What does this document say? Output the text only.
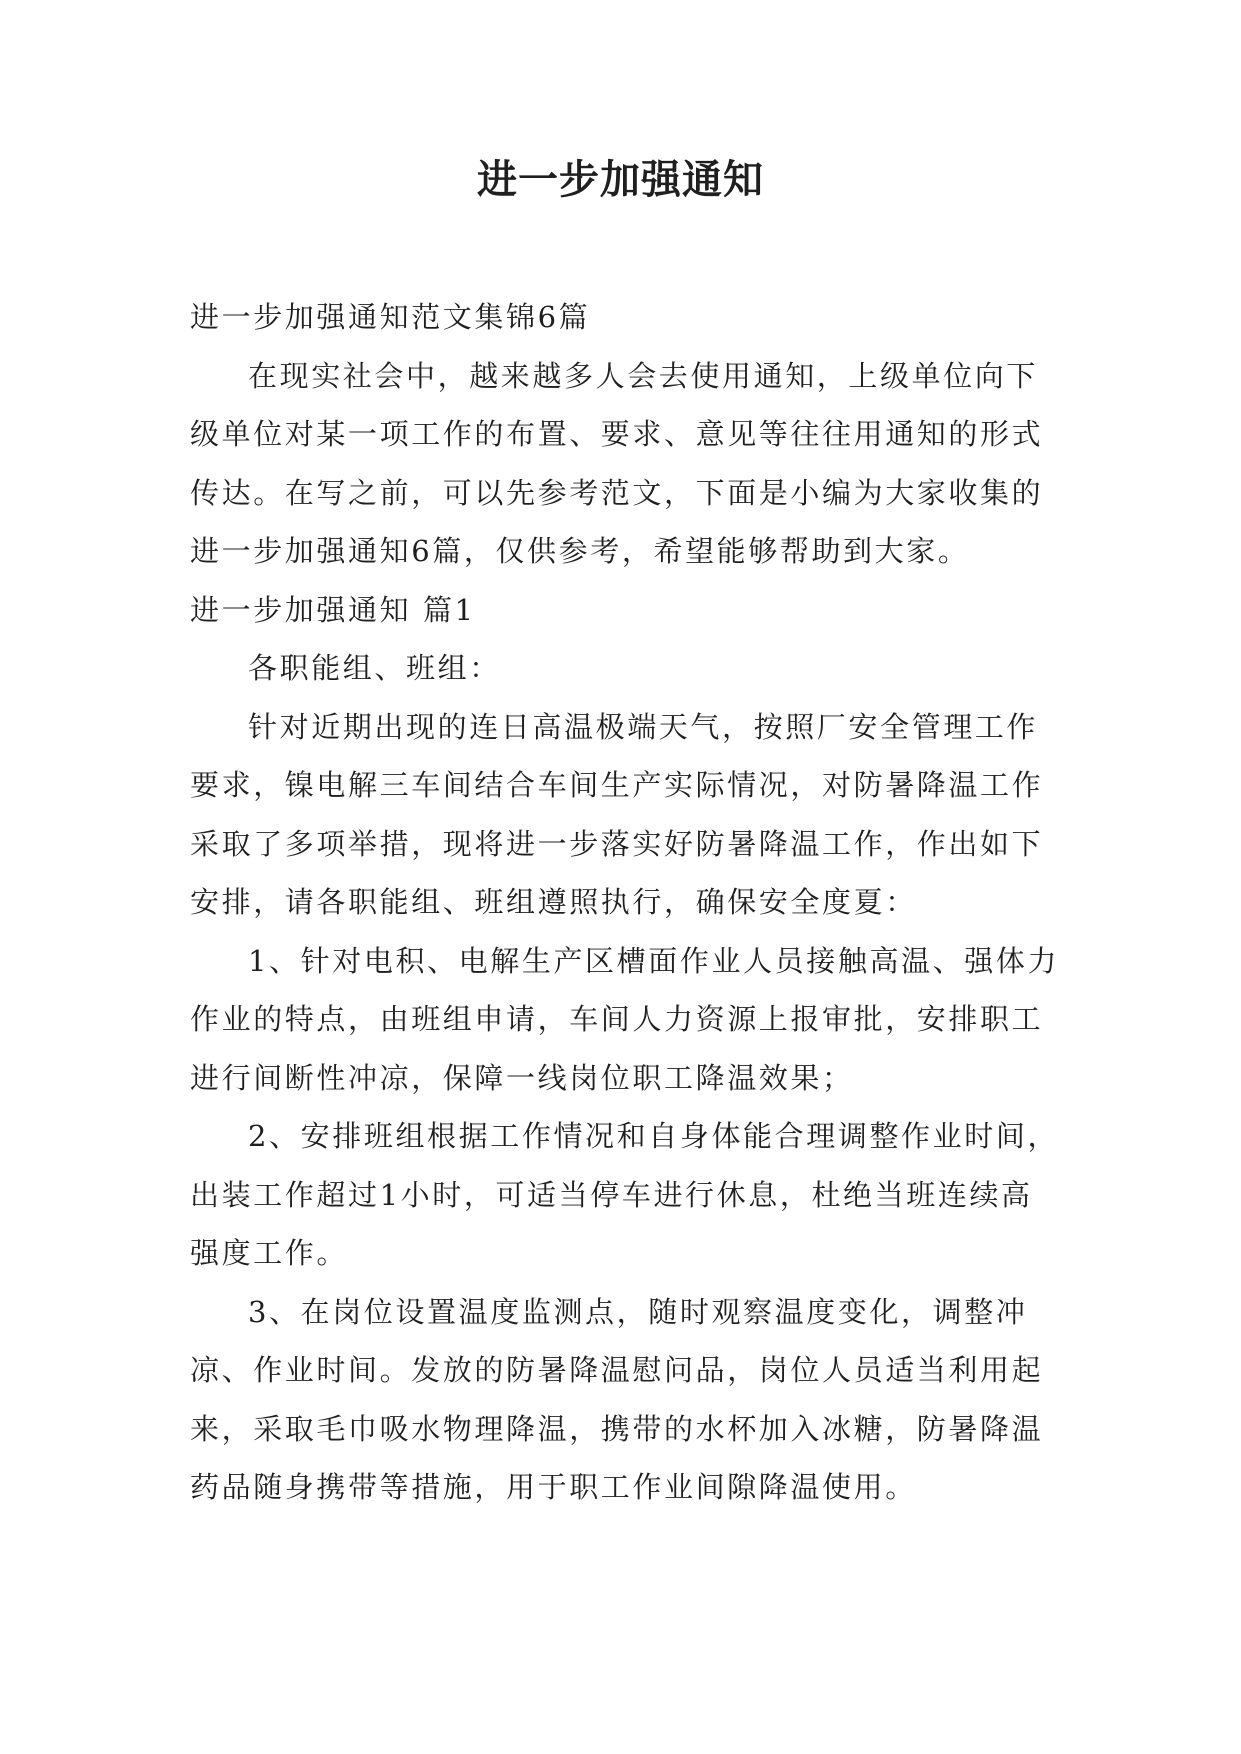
进一步加强通知

进一步加强通知范文集锦6篇

在现实社会中，越来越多人会去使用通知，上级单位向下级单位对某一项工作的布置、要求、意见等往往用通知的形式传达。在写之前，可以先参考范文，下面是小编为大家收集的进一步加强通知6篇，仅供参考，希望能够帮助到大家。

进一步加强通知 篇1

各职能组、班组：

针对近期出现的连日高温极端天气，按照厂安全管理工作要求，镍电解三车间结合车间生产实际情况，对防暑降温工作采取了多项举措，现将进一步落实好防暑降温工作，作出如下安排，请各职能组、班组遵照执行，确保安全度夏：

1、针对电积、电解生产区槽面作业人员接触高温、强体力作业的特点，由班组申请，车间人力资源上报审批，安排职工进行间断性冲凉，保障一线岗位职工降温效果；

2、安排班组根据工作情况和自身体能合理调整作业时间，出装工作超过1小时，可适当停车进行休息，杜绝当班连续高强度工作。

3、在岗位设置温度监测点，随时观察温度变化，调整冲凉、作业时间。发放的防暑降温慰问品，岗位人员适当利用起来，采取毛巾吸水物理降温，携带的水杯加入冰糖，防暑降温药品随身携带等措施，用于职工作业间隙降温使用。
